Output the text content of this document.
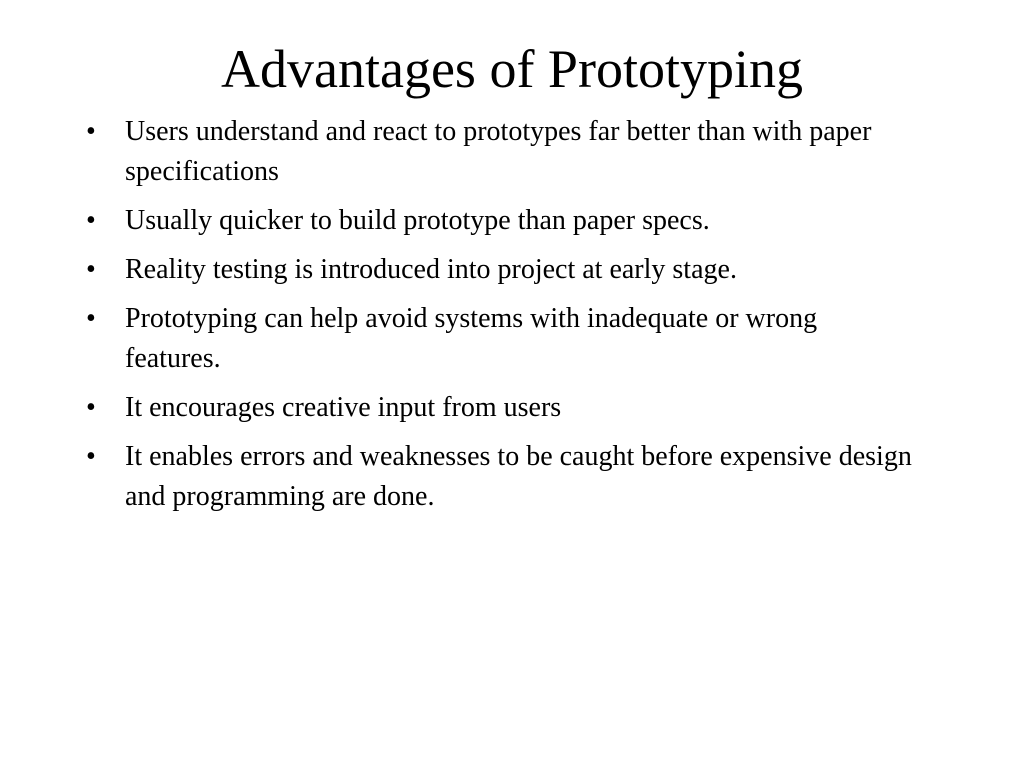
Advantages of Prototyping
• Users understand and react to prototypes far better than with paper specifications
• Usually quicker to build prototype than paper specs.
• Reality testing is introduced into project at early stage.
• Prototyping can help avoid systems with inadequate or wrong features.
• It encourages creative input from users
• It enables errors and weaknesses to be caught before expensive design and programming are done.
